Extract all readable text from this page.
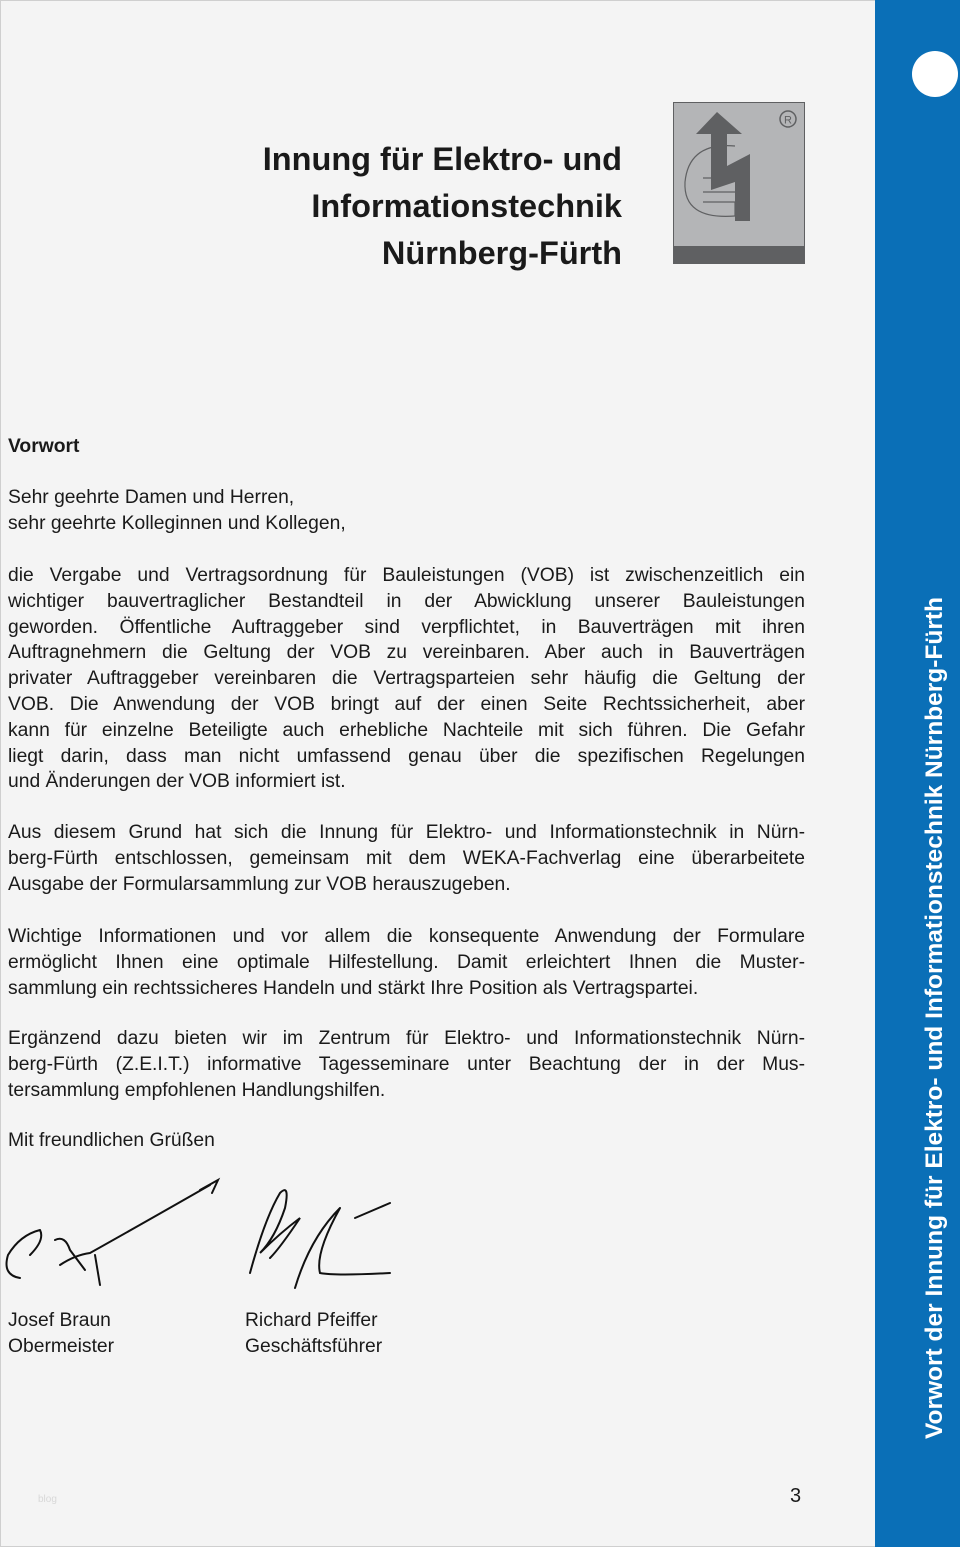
Innung für Elektro- und
Informationstechnik
Nürnberg-Fürth
R
Vorwort der Innung für Elektro- und Informationstechnik Nürnberg-Fürth
Vorwort
Sehr geehrte Damen und Herren,
sehr geehrte Kolleginnen und Kollegen,
die Vergabe und Vertragsordnung für Bauleistungen (VOB) ist zwischenzeitlich ein
wichtiger bauvertraglicher Bestandteil in der Abwicklung unserer Bauleistungen
geworden. Öffentliche Auftraggeber sind verpflichtet, in Bauverträgen mit ihren
Auftragnehmern die Geltung der VOB zu vereinbaren. Aber auch in Bauverträgen
privater Auftraggeber vereinbaren die Vertragsparteien sehr häufig die Geltung der
VOB. Die Anwendung der VOB bringt auf der einen Seite Rechtssicherheit, aber
kann für einzelne Beteiligte auch erhebliche Nachteile mit sich führen. Die Gefahr
liegt darin, dass man nicht umfassend genau über die spezifischen Regelungen
und Änderungen der VOB informiert ist.
Aus diesem Grund hat sich die Innung für Elektro- und Informationstechnik in Nürn-
berg-Fürth entschlossen, gemeinsam mit dem WEKA-Fachverlag eine überarbeitete
Ausgabe der Formularsammlung zur VOB herauszugeben.
Wichtige Informationen und vor allem die konsequente Anwendung der Formulare
ermöglicht Ihnen eine optimale Hilfestellung. Damit erleichtert Ihnen die Muster-
sammlung ein rechtssicheres Handeln und stärkt Ihre Position als Vertragspartei.
Ergänzend dazu bieten wir im Zentrum für Elektro- und Informationstechnik Nürn-
berg-Fürth (Z.E.I.T.) informative Tagesseminare unter Beachtung der in der Mus-
tersammlung empfohlenen Handlungshilfen.
Mit freundlichen Grüßen
Josef Braun
Obermeister
Richard Pfeiffer
Geschäftsführer
blog	3
